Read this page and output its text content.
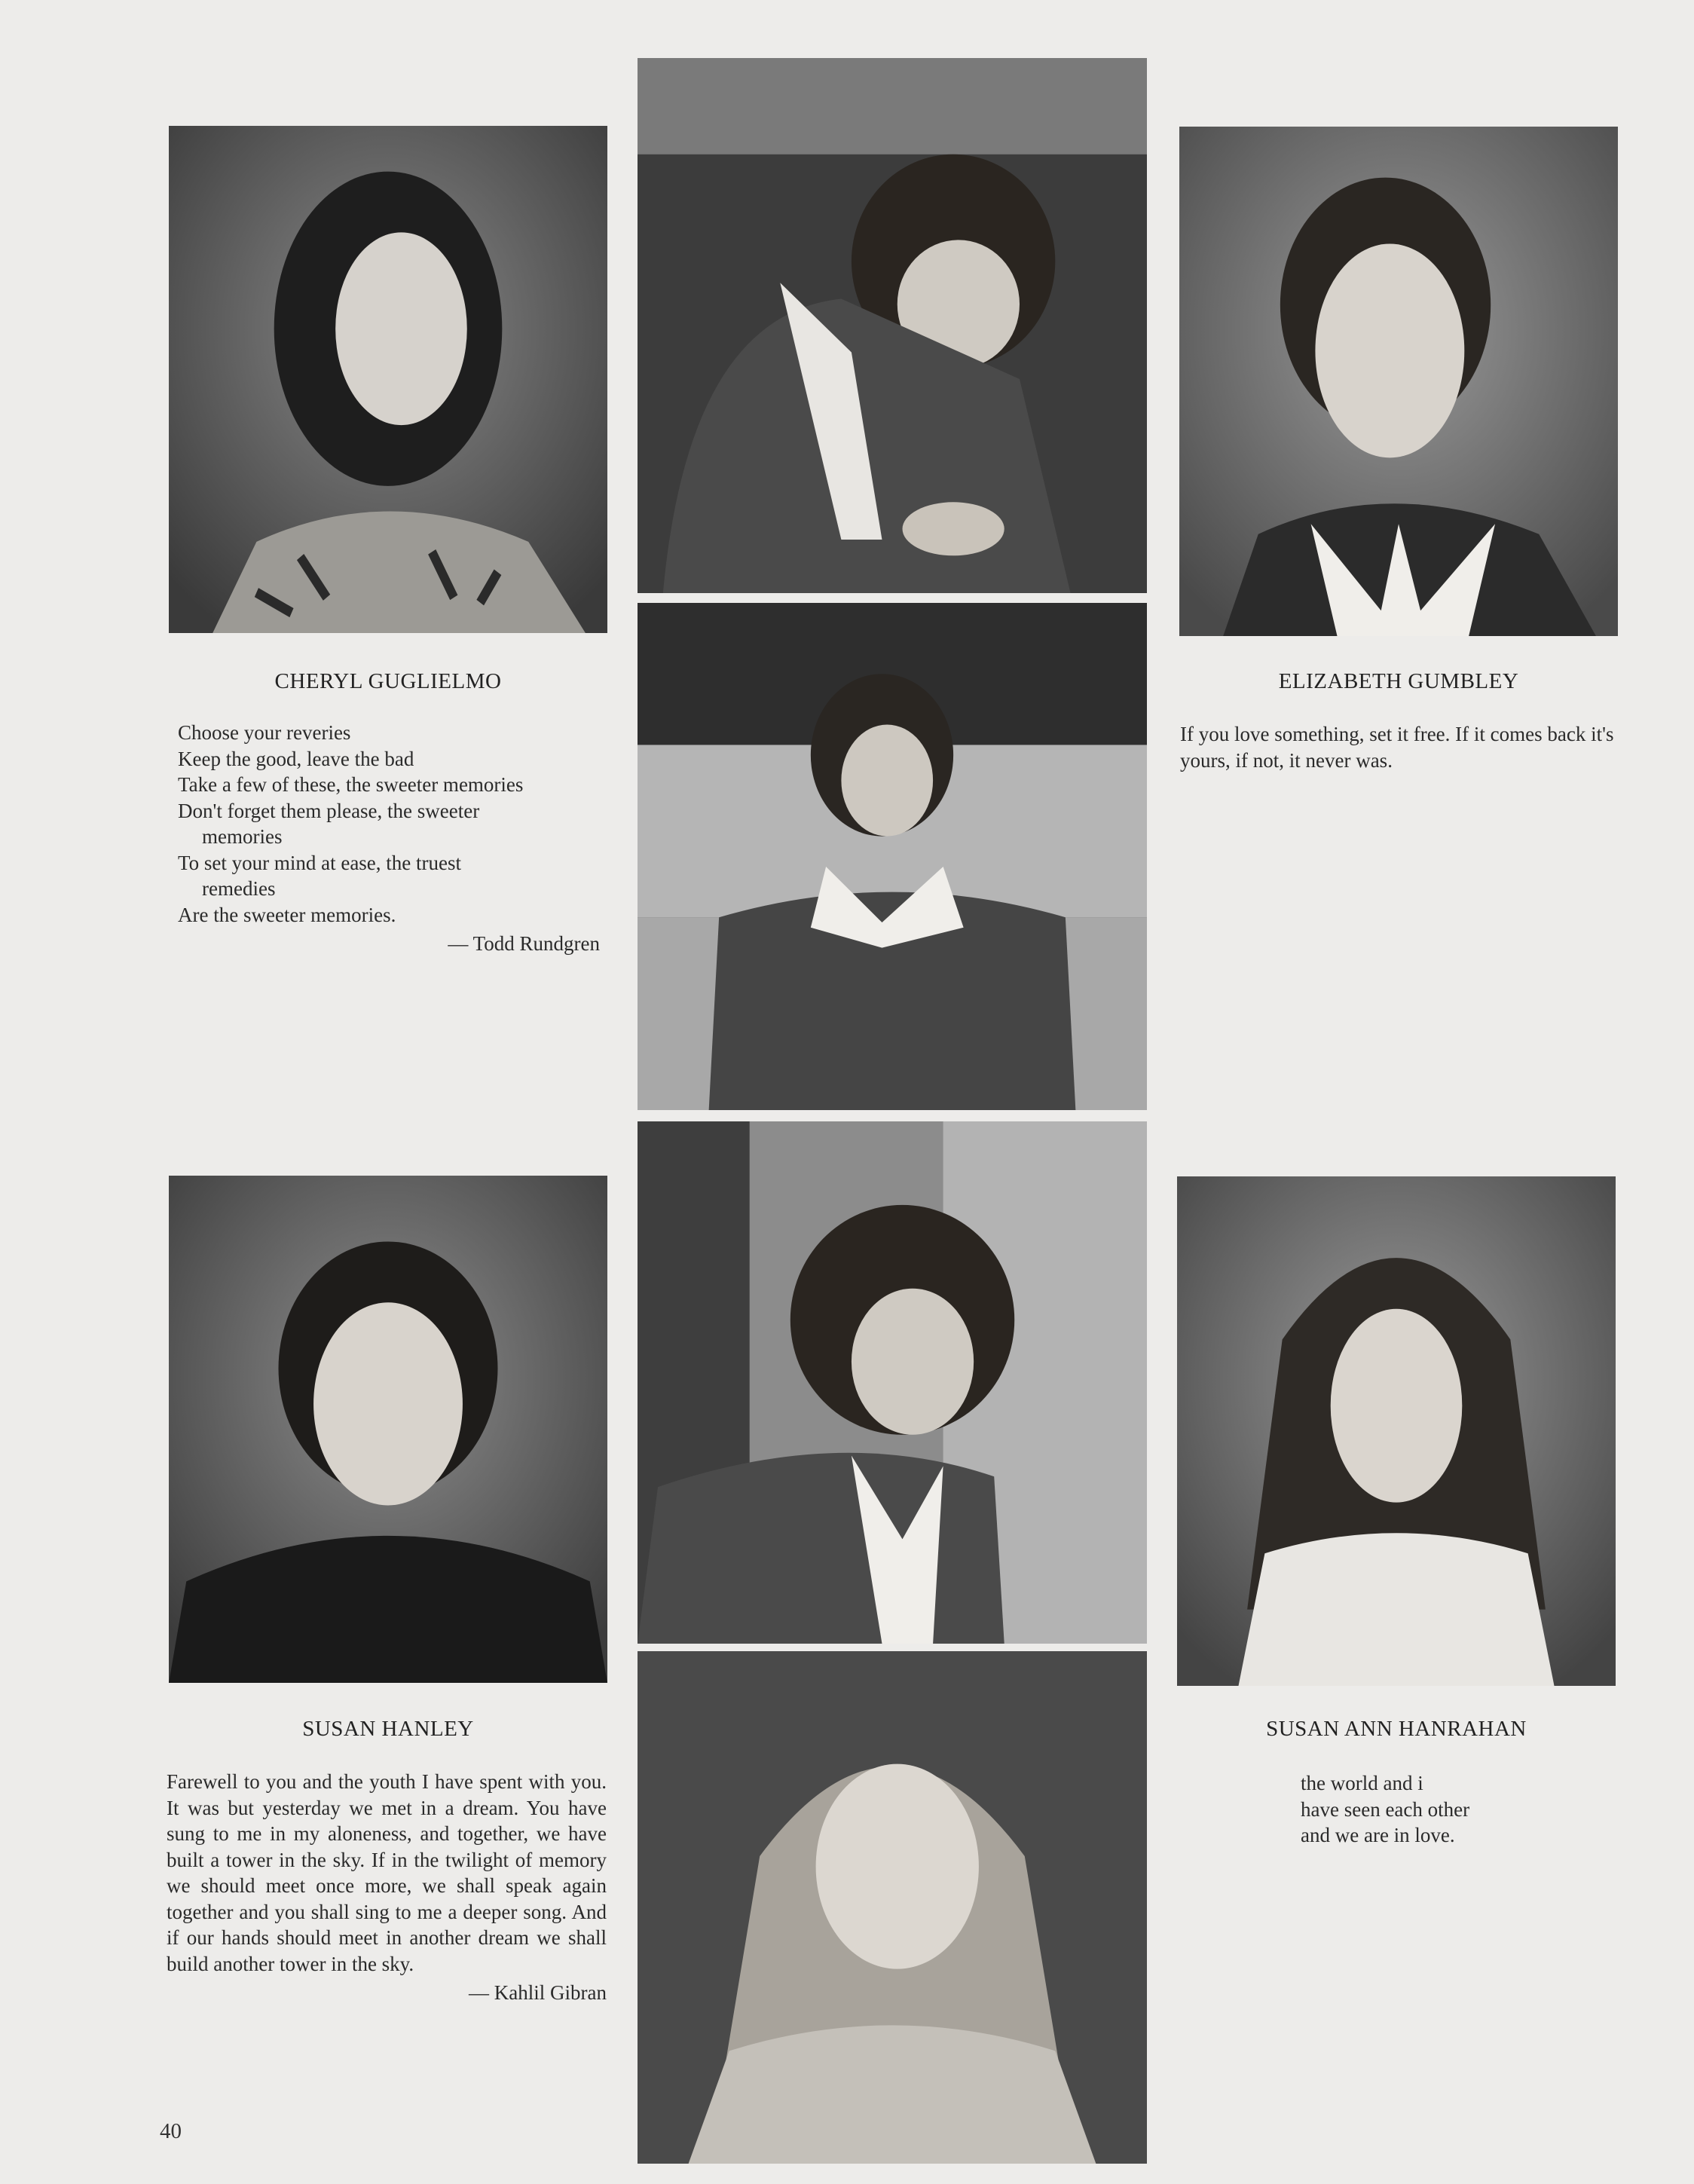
CHERYL GUGLIELMO

Choose your reveries

Keep the good, leave the bad

Take a few of these, the sweeter memories

Don't forget them please, the sweeter

memories

To set your mind at ease, the truest

remedies

Are the sweeter memories.

— Todd Rundgren

ELIZABETH GUMBLEY
If you love something, set it free. If it comes back it's yours, if not, it never was.
SUSAN HANLEY

Farewell to you and the youth I have spent with you. It was but yesterday we met in a dream. You have sung to me in my aloneness, and together, we have built a tower in the sky. If in the twilight of memory we should meet once more, we shall speak again together and you shall sing to me a deeper song. And if our hands should meet in another dream we shall build another tower in the sky.

— Kahlil Gibran

SUSAN ANN HANRAHAN

the world and i

have seen each other

and we are in love.

40
